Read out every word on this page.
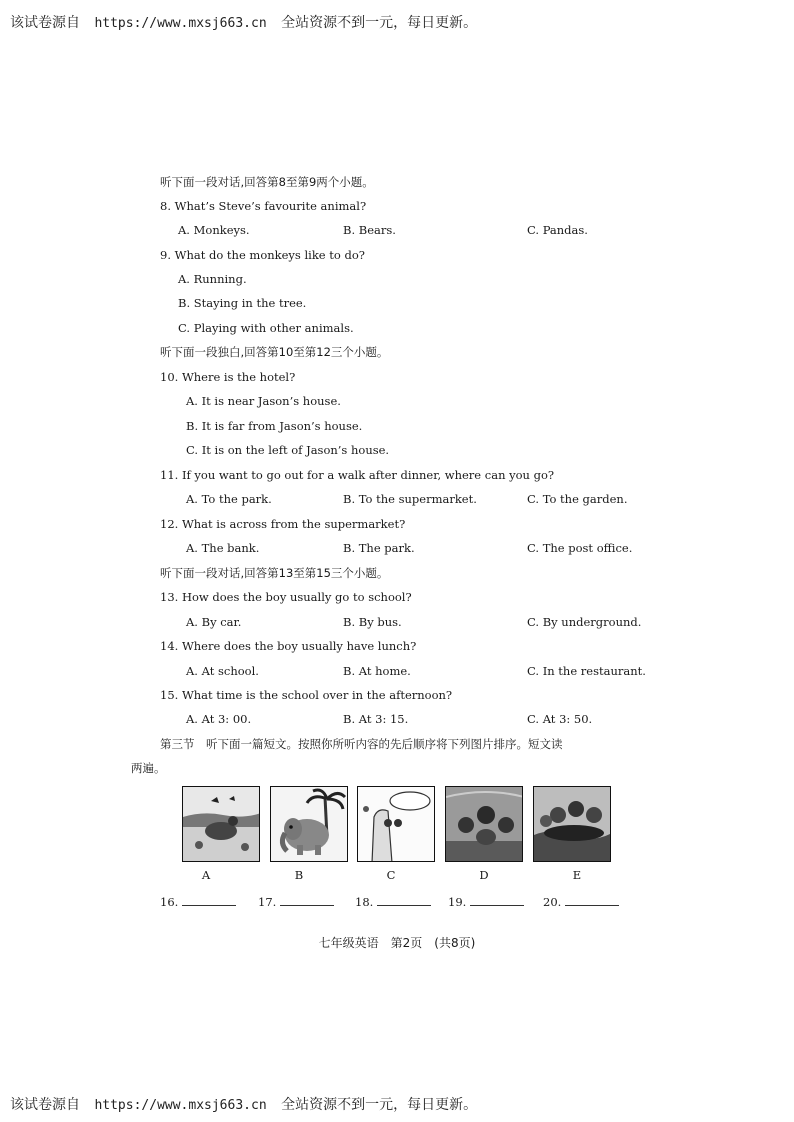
该试卷源自 https://www.mxsj663.cn 全站资源不到一元，每日更新。
听下面一段对话,回答第8至第9两个小题。
8. What’s Steve’s favourite animal?
A. Monkeys.	B. Bears.	C. Pandas.
9. What do the monkeys like to do?
A. Running.
B. Staying in the tree.
C. Playing with other animals.
听下面一段独白,回答第10至第12三个小题。
10. Where is the hotel?
A. It is near Jason’s house.
B. It is far from Jason’s house.
C. It is on the left of Jason’s house.
11. If you want to go out for a walk after dinner, where can you go?
A. To the park.	B. To the supermarket.	C. To the garden.
12. What is across from the supermarket?
A. The bank.	B. The park.	C. The post office.
听下面一段对话,回答第13至第15三个小题。
13. How does the boy usually go to school?
A. By car.	B. By bus.	C. By underground.
14. Where does the boy usually have lunch?
A. At school.	B. At home.	C. In the restaurant.
15. What time is the school over in the afternoon?
A. At 3: 00.	B. At 3: 15.	C. At 3: 50.
第三节　听下面一篇短文。按照你所听内容的先后顺序将下列图片排序。短文读
两遍。
A	B	C	D	E
16.	17.	18.	19.	20.
七年级英语　第2页　(共8页)
该试卷源自 https://www.mxsj663.cn 全站资源不到一元，每日更新。
